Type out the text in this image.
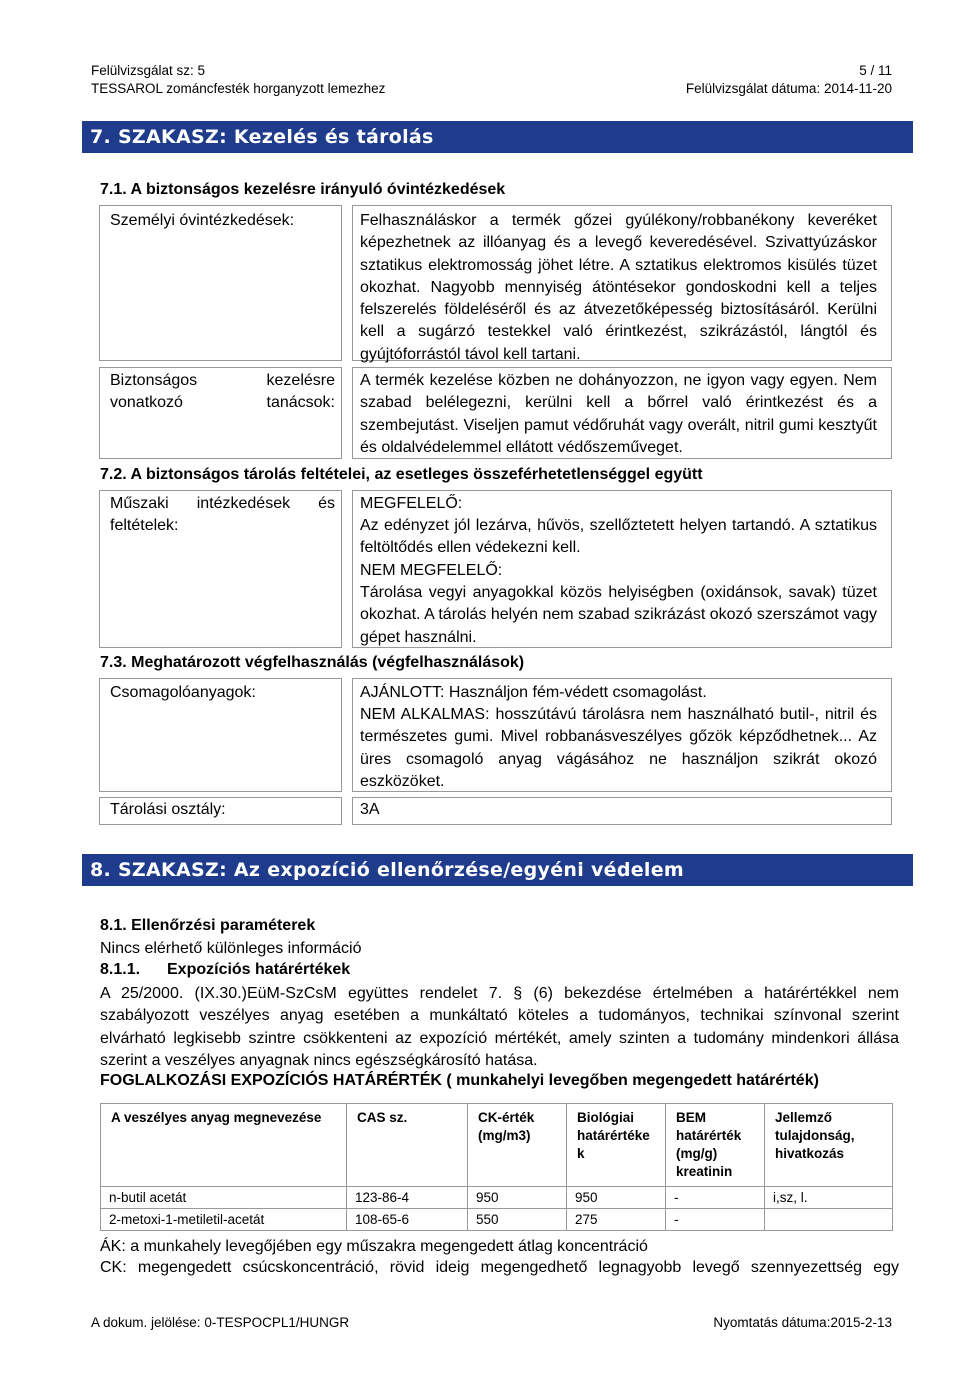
Felülvizsgálat sz: 5
TESSAROL zománcfesték horganyzott lemezhez
5 / 11
Felülvizsgálat dátuma: 2014-11-20
7. SZAKASZ: Kezelés és tárolás
7.1. A biztonságos kezelésre irányuló óvintézkedések
Személyi óvintézkedések:	Felhasználáskor a termék gőzei gyúlékony/robbanékony keveréket képezhetnek az illóanyag és a levegő keveredésével. Szivattyúzáskor sztatikus elektromosság jöhet létre. A sztatikus elektromos kisülés tüzet okozhat. Nagyobb mennyiség átöntésekor gondoskodni kell a teljes felszerelés földeléséről és az átvezetőképesség biztosításáról. Kerülni kell a sugárzó testekkel való érintkezést, szikrázástól, lángtól és gyújtóforrástól távol kell tartani.
Biztonságos kezelésre vonatkozó tanácsok:
A termék kezelése közben ne dohányozzon, ne igyon vagy egyen. Nem szabad belélegezni, kerülni kell a bőrrel való érintkezést és a szembejutást. Viseljen pamut védőruhát vagy overált, nitril gumi kesztyűt és oldalvédelemmel ellátott védőszeműveget.
7.2. A biztonságos tárolás feltételei, az esetleges összeférhetetlenséggel együtt
Műszaki intézkedések és feltételek:
MEGFELELŐ:
Az edényzet jól lezárva, hűvös, szellőztetett helyen tartandó. A sztatikus feltöltődés ellen védekezni kell.
NEM MEGFELELŐ:
Tárolása vegyi anyagokkal közös helyiségben (oxidánsok, savak) tüzet okozhat. A tárolás helyén nem szabad szikrázást okozó szerszámot vagy gépet használni.
7.3. Meghatározott végfelhasználás (végfelhasználások)
Csomagolóanyagok:	AJÁNLOTT: Használjon fém-védett csomagolást.
NEM ALKALMAS: hosszútávú tárolásra nem használható butil-, nitril és természetes gumi. Mivel robbanásveszélyes gőzök képződhetnek... Az üres csomagoló anyag vágásához ne használjon szikrát okozó eszközöket.
Tárolási osztály:	3A
8. SZAKASZ: Az expozíció ellenőrzése/egyéni védelem
8.1. Ellenőrzési paraméterek
Nincs elérhető különleges információ
8.1.1. Expozíciós határértékek
A 25/2000. (IX.30.)EüM-SzCsM együttes rendelet 7. § (6) bekezdése értelmében a határértékkel nem szabályozott veszélyes anyag esetében a munkáltató köteles a tudományos, technikai színvonal szerint elvárható legkisebb szintre csökkenteni az expozíció mértékét, amely szinten a tudomány mindenkori állása szerint a veszélyes anyagnak nincs egészségkárosító hatása.
FOGLALKOZÁSI EXPOZÍCIÓS HATÁRÉRTÉK ( munkahelyi levegőben megengedett határérték)
A veszélyes anyag megnevezése	CAS sz.	CK-érték (mg/m3)	Biológiai határértéke k	BEM határérték (mg/g) kreatinin	Jellemző tulajdonság, hivatkozás
n-butil acetát	123-86-4	950	950	-	i,sz, l.
2-metoxi-1-metiletil-acetát	108-65-6	550	275	-	
ÁK: a munkahely levegőjében egy műszakra megengedett átlag koncentráció
CK: megengedett csúcskoncentráció, rövid ideig megengedhető legnagyobb levegő szennyezettség egy
A dokum. jelölése: 0-TESPOCPL1/HUNGR	Nyomtatás dátuma:2015-2-13
